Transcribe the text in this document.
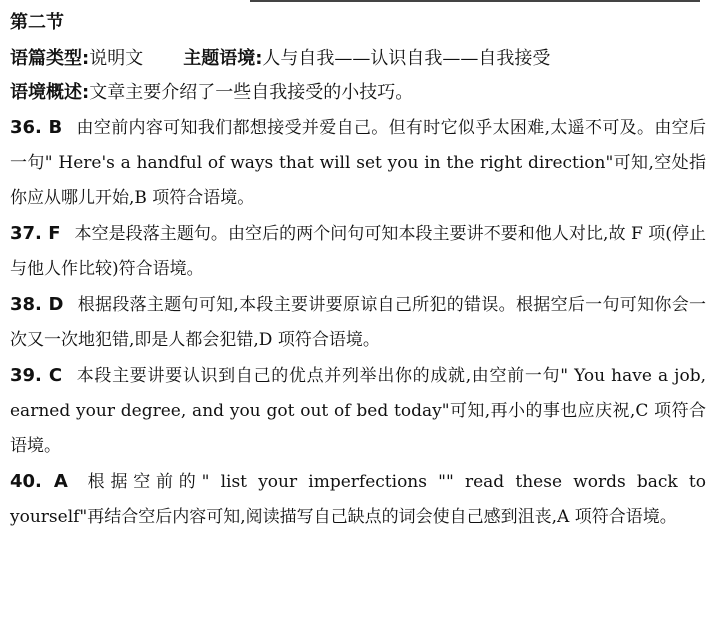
第二节
语篇类型:说明文 主题语境:人与自我——认识自我——自我接受
语境概述:文章主要介绍了一些自我接受的小技巧。
36. B 由空前内容可知我们都想接受并爱自己。但有时它似乎太困难,太遥不可及。由空后一句" Here's a handful of ways that will set you in the right direction"可知,空处指你应从哪儿开始,B 项符合语境。
37. F 本空是段落主题句。由空后的两个问句可知本段主要讲不要和他人对比,故 F 项(停止与他人作比较)符合语境。
38. D 根据段落主题句可知,本段主要讲要原谅自己所犯的错误。根据空后一句可知你会一次又一次地犯错,即是人都会犯错,D 项符合语境。
39. C 本段主要讲要认识到自己的优点并列举出你的成就,由空前一句" You have a job, earned your degree, and you got out of bed today"可知,再小的事也应庆祝,C 项符合语境。
40. A 根据空前的" list your imperfections "" read these words back to yourself"再结合空后内容可知,阅读描写自己缺点的词会使自己感到沮丧,A 项符合语境。
